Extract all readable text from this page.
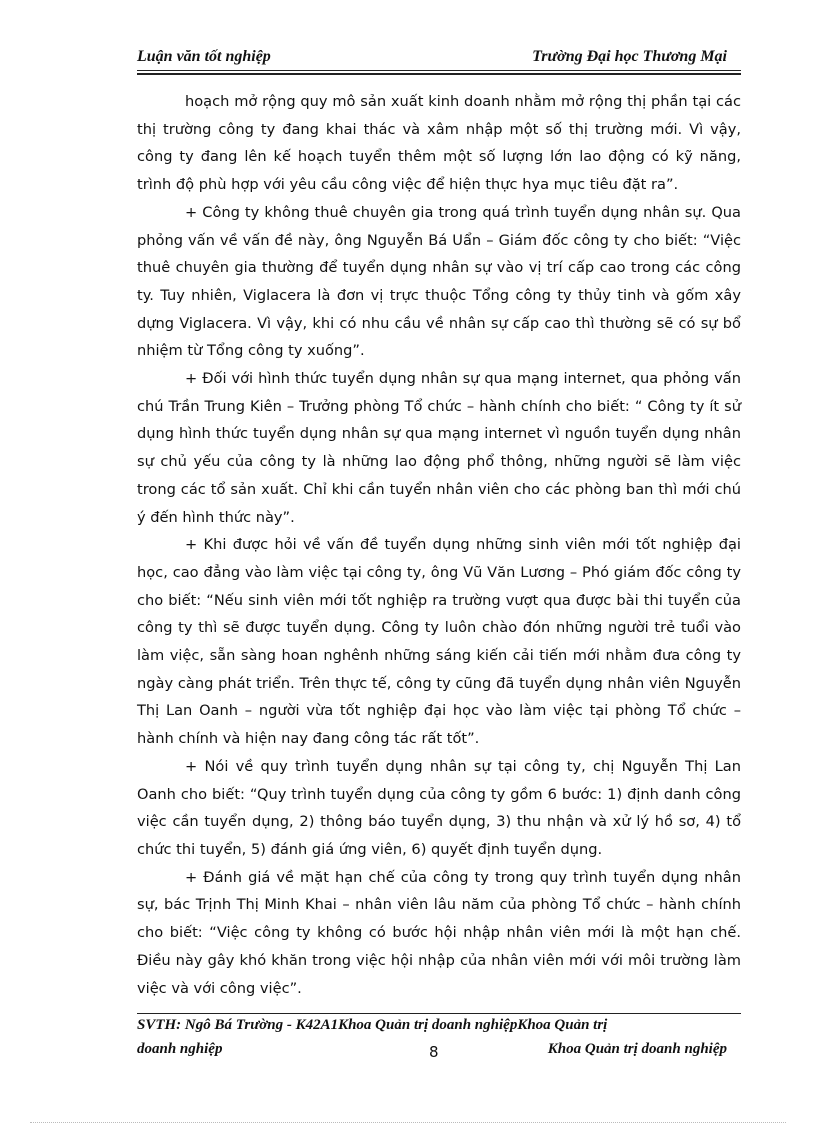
Luận văn tốt nghiệp	Trường Đại học Thương Mại

hoạch mở rộng quy mô sản xuất kinh doanh nhằm mở rộng thị phần tại các thị trường công ty đang khai thác và xâm nhập một số thị trường mới. Vì vậy, công ty đang lên kế hoạch tuyển thêm một số lượng lớn lao động có kỹ năng, trình độ phù hợp với yêu cầu công việc để hiện thực hya mục tiêu đặt ra”.

+ Công ty không thuê chuyên gia trong quá trình tuyển dụng nhân sự. Qua phỏng vấn về vấn đề này, ông Nguyễn Bá Uẩn – Giám đốc công ty cho biết: “Việc thuê chuyên gia thường để tuyển dụng nhân sự vào vị trí cấp cao trong các công ty. Tuy nhiên, Viglacera là đơn vị trực thuộc Tổng công ty thủy tinh và gốm xây dựng Viglacera. Vì vậy, khi có nhu cầu về nhân sự cấp cao thì thường sẽ có sự bổ nhiệm từ Tổng công ty xuống”.

+ Đối với hình thức tuyển dụng nhân sự qua mạng internet, qua phỏng vấn chú Trần Trung Kiên – Trưởng phòng Tổ chức – hành chính cho biết: “ Công ty ít sử dụng hình thức tuyển dụng nhân sự qua mạng internet vì nguồn tuyển dụng nhân sự chủ yếu của công ty là những lao động phổ thông, những người sẽ làm việc trong các tổ sản xuất. Chỉ khi cần tuyển nhân viên cho các phòng ban thì mới chú ý đến hình thức này”.

+ Khi được hỏi về vấn đề tuyển dụng những sinh viên mới tốt nghiệp đại học, cao đẳng vào làm việc tại công ty, ông Vũ Văn Lương – Phó giám đốc công ty cho biết: “Nếu sinh viên mới tốt nghiệp ra trường vượt qua được bài thi tuyển của công ty thì sẽ được tuyển dụng. Công ty luôn chào đón những người trẻ tuổi vào làm việc, sẵn sàng hoan nghênh những sáng kiến cải tiến mới nhằm đưa công ty ngày càng phát triển. Trên thực tế, công ty cũng đã tuyển dụng nhân viên Nguyễn Thị Lan Oanh – người vừa tốt nghiệp đại học vào làm việc tại phòng Tổ chức – hành chính và hiện nay đang công tác rất tốt”.

+ Nói về quy trình tuyển dụng nhân sự tại công ty, chị Nguyễn Thị Lan Oanh cho biết: “Quy trình tuyển dụng của công ty gồm 6 bước: 1) định danh công việc cần tuyển dụng, 2) thông báo tuyển dụng, 3) thu nhận và xử lý hồ sơ, 4) tổ chức thi tuyển, 5) đánh giá ứng viên, 6) quyết định tuyển dụng.

+ Đánh giá về mặt hạn chế của công ty trong quy trình tuyển dụng nhân sự, bác Trịnh Thị Minh Khai – nhân viên lâu năm của phòng Tổ chức – hành chính cho biết: “Việc công ty không có bước hội nhập nhân viên mới là một hạn chế. Điều này gây khó khăn trong việc hội nhập của nhân viên mới với môi trường làm việc và với công việc”.

SVTH: Ngô Bá Trường - K42A1Khoa Quản trị doanh nghiệpKhoa Quản trị
doanh nghiệp	8	Khoa Quản trị doanh nghiệp
